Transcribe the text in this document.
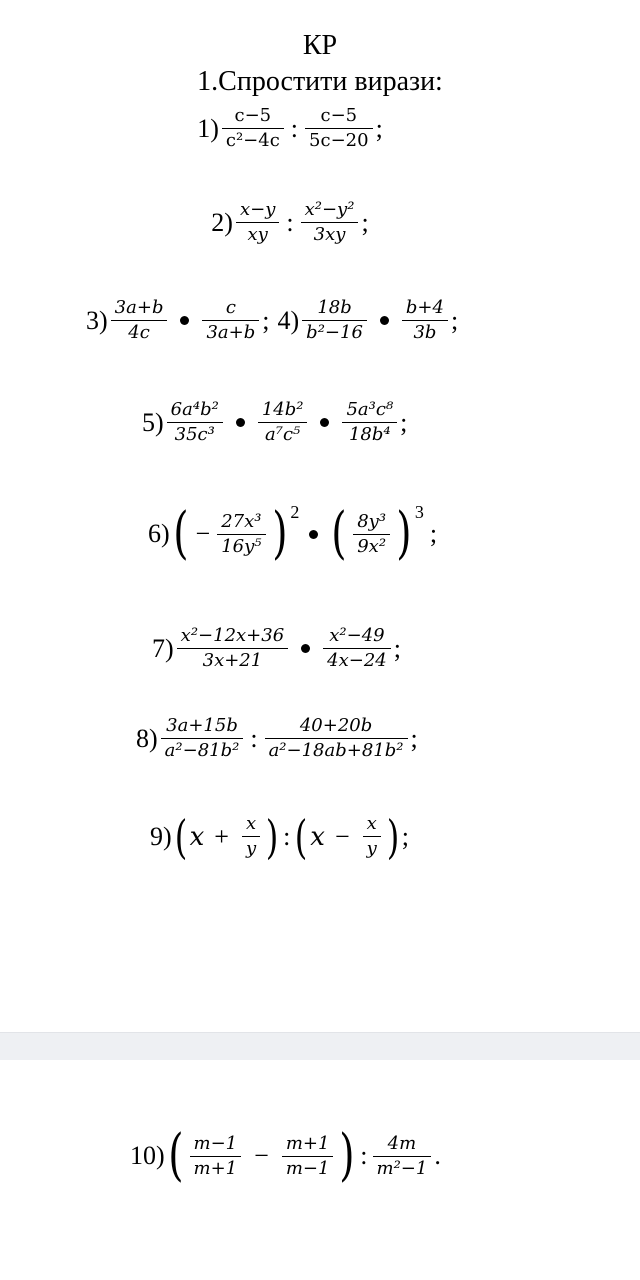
КР
1.Спростити вирази:
$1) \frac{c-5}{\text{c²−4c}}$ : $\frac{c-5}{5c-20}$ ;
$2) \frac{x-y}{xy}$ : $\frac{\text{x²−y²}}{3xy}$ ;
$3) \frac{3a+b}{4c} \frac{c}{3a+b}$ ; $4) \frac{18b}{\text{b²−16}} \frac{b+4}{3b}$ ;
$5) \frac{\text{6a⁴b²}}{\text{35c³}} \frac{\text{14b²}}{\text{a⁷c⁵}} \frac{\text{5a³c⁸}}{\text{18b⁴}}$ ;
6) ( − $\frac{\text{27x³}}{\text{16y⁵}}$ ) 2 ( $\frac{\text{8y³}}{\text{9x²}}$ ) 3
;
$7) \frac{\text{x²−12x+36}}{3x+21} \frac{\text{x²−49}}{4x-24}$ ;
$8) \frac{3a+15b}{\text{a²−81b²}}$ : $\frac{40+20b}{\text{a²−18ab+81b²}}$ ;
9) ( $x + \frac{x}{y}$ ) : ( $x - \frac{x}{y}$ ) ;
10) ( $\frac{m-1}{m+1} - \frac{m+1}{m-1}$ ) : $\frac{4m}{\text{m²−1}}$ .
